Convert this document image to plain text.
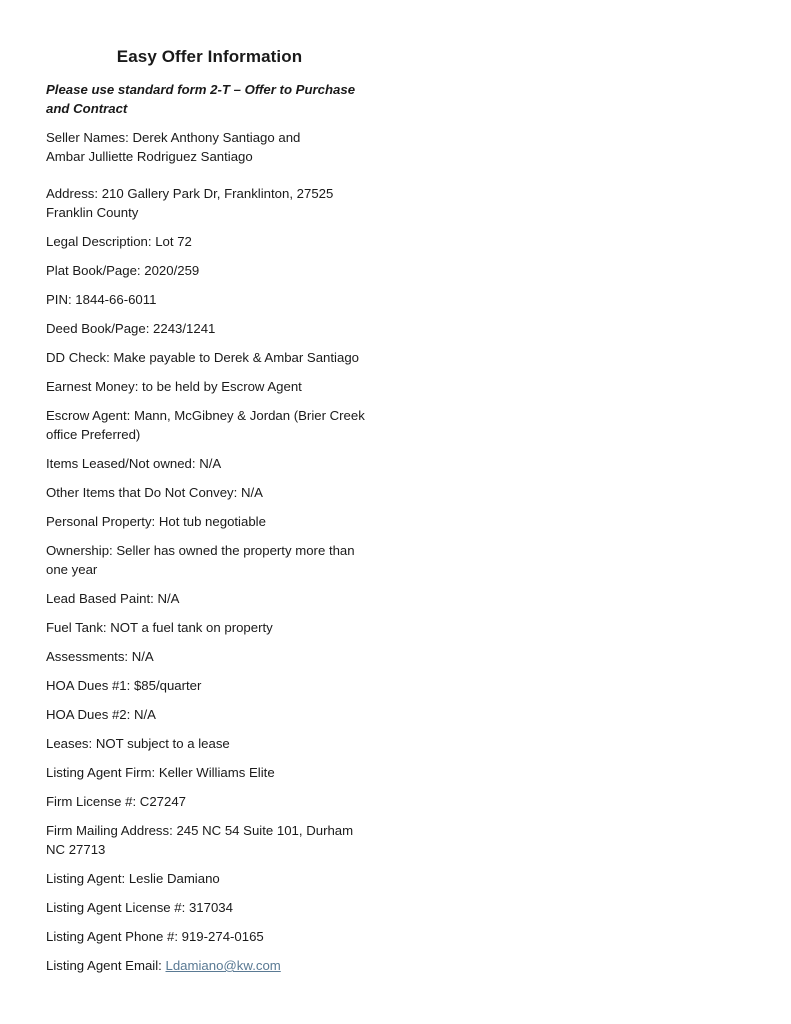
Easy Offer Information
Please use standard form 2-T – Offer to Purchase and Contract
Seller Names: Derek Anthony Santiago and
Ambar Julliette Rodriguez Santiago
Address: 210 Gallery Park Dr, Franklinton, 27525
Franklin County
Legal Description: Lot 72
Plat Book/Page: 2020/259
PIN: 1844-66-6011
Deed Book/Page: 2243/1241
DD Check: Make payable to Derek & Ambar Santiago
Earnest Money: to be held by Escrow Agent
Escrow Agent: Mann, McGibney & Jordan (Brier Creek
office Preferred)
Items Leased/Not owned: N/A
Other Items that Do Not Convey: N/A
Personal Property: Hot tub negotiable
Ownership: Seller has owned the property more than
one year
Lead Based Paint: N/A
Fuel Tank: NOT a fuel tank on property
Assessments: N/A
HOA Dues #1: $85/quarter
HOA Dues #2: N/A
Leases: NOT subject to a lease
Listing Agent Firm: Keller Williams Elite
Firm License #: C27247
Firm Mailing Address: 245 NC 54 Suite 101, Durham
NC 27713
Listing Agent: Leslie Damiano
Listing Agent License #: 317034
Listing Agent Phone #: 919-274-0165
Listing Agent Email: Ldamiano@kw.com
